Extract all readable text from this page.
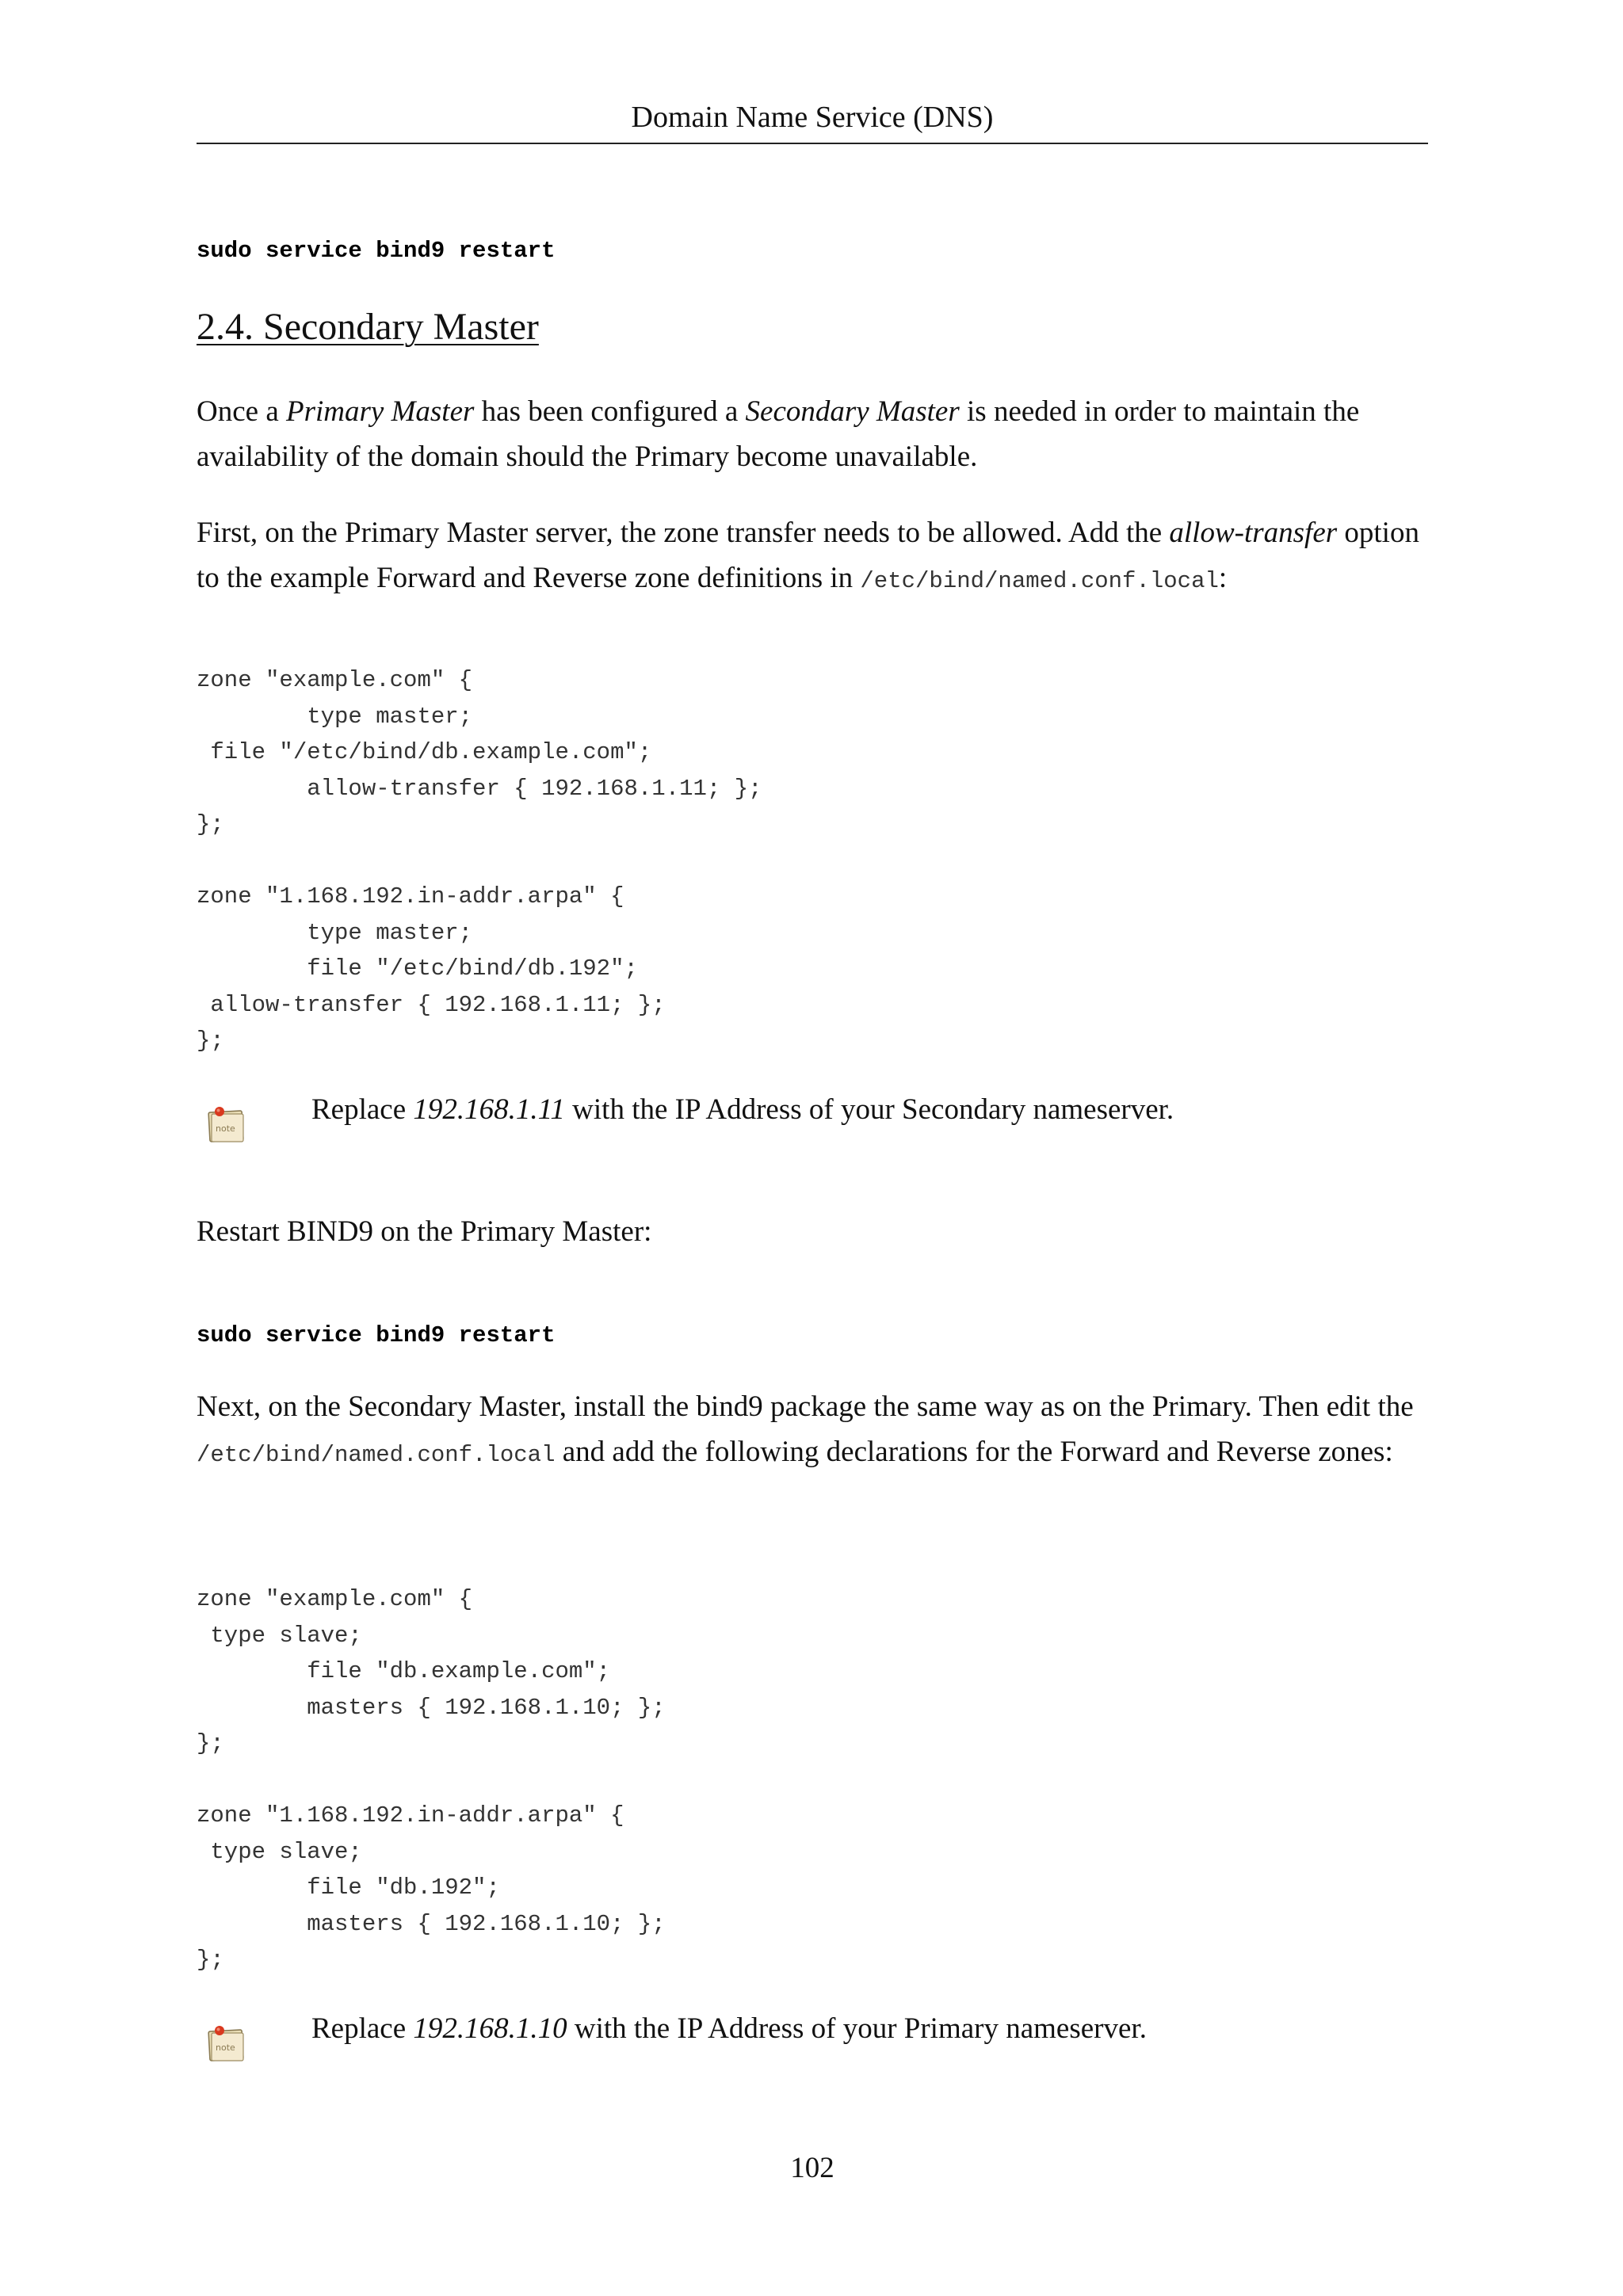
Domain Name Service (DNS)
sudo service bind9 restart
2.4. Secondary Master
Once a Primary Master has been configured a Secondary Master is needed in order to maintain the availability of the domain should the Primary become unavailable.
First, on the Primary Master server, the zone transfer needs to be allowed. Add the allow-transfer option to the example Forward and Reverse zone definitions in /etc/bind/named.conf.local:
zone "example.com" {
type master;
file "/etc/bind/db.example.com";
allow-transfer { 192.168.1.11; };
};

zone "1.168.192.in-addr.arpa" {
type master;
file "/etc/bind/db.192";
allow-transfer { 192.168.1.11; };
};
note
Replace 192.168.1.11 with the IP Address of your Secondary nameserver.
Restart BIND9 on the Primary Master:
sudo service bind9 restart
Next, on the Secondary Master, install the bind9 package the same way as on the Primary. Then edit the /etc/bind/named.conf.local and add the following declarations for the Forward and Reverse zones:
zone "example.com" {
type slave;
file "db.example.com";
masters { 192.168.1.10; };
};

zone "1.168.192.in-addr.arpa" {
type slave;
file "db.192";
masters { 192.168.1.10; };
};
note
Replace 192.168.1.10 with the IP Address of your Primary nameserver.
102
